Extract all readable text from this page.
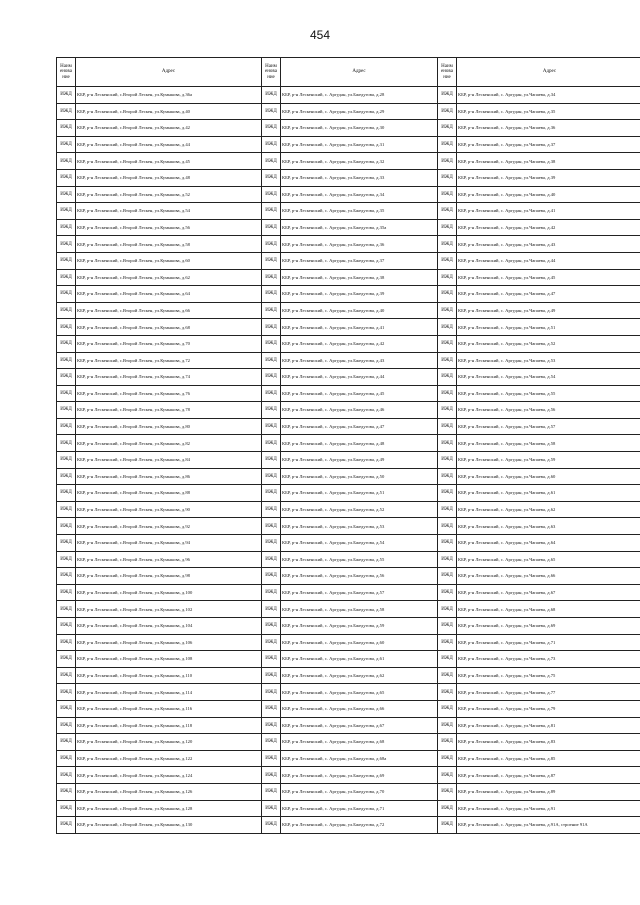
454
Наим енова ние	Адрес	Наим енова ние	Адрес	Наим енова ние	Адрес
ИЖД	КБР, р-н Лескенский, с.Второй Лескен, ул.Кумыкова, д.36а	ИЖД	КБР, р-н Лескенский, с. Аргудан, ул.Бжедугова, д.28	ИЖД	КБР, р-н Лескенский, с. Аргудан, ул.Чапаева, д.34
ИЖД	КБР, р-н Лескенский, с.Второй Лескен, ул.Кумыкова, д.40	ИЖД	КБР, р-н Лескенский, с. Аргудан, ул.Бжедугова, д.29	ИЖД	КБР, р-н Лескенский, с. Аргудан, ул.Чапаева, д.35
ИЖД	КБР, р-н Лескенский, с.Второй Лескен, ул.Кумыкова, д.42	ИЖД	КБР, р-н Лескенский, с. Аргудан, ул.Бжедугова, д.30	ИЖД	КБР, р-н Лескенский, с. Аргудан, ул.Чапаева, д.36
ИЖД	КБР, р-н Лескенский, с.Второй Лескен, ул.Кумыкова, д.44	ИЖД	КБР, р-н Лескенский, с. Аргудан, ул.Бжедугова, д.31	ИЖД	КБР, р-н Лескенский, с. Аргудан, ул.Чапаева, д.37
ИЖД	КБР, р-н Лескенский, с.Второй Лескен, ул.Кумыкова, д.45	ИЖД	КБР, р-н Лескенский, с. Аргудан, ул.Бжедугова, д.32	ИЖД	КБР, р-н Лескенский, с. Аргудан, ул.Чапаева, д.38
ИЖД	КБР, р-н Лескенский, с.Второй Лескен, ул.Кумыкова, д.48	ИЖД	КБР, р-н Лескенский, с. Аргудан, ул.Бжедугова, д.33	ИЖД	КБР, р-н Лескенский, с. Аргудан, ул.Чапаева, д.39
ИЖД	КБР, р-н Лескенский, с.Второй Лескен, ул.Кумыкова, д.52	ИЖД	КБР, р-н Лескенский, с. Аргудан, ул.Бжедугова, д.34	ИЖД	КБР, р-н Лескенский, с. Аргудан, ул.Чапаева, д.40
ИЖД	КБР, р-н Лескенский, с.Второй Лескен, ул.Кумыкова, д.54	ИЖД	КБР, р-н Лескенский, с. Аргудан, ул.Бжедугова, д.35	ИЖД	КБР, р-н Лескенский, с. Аргудан, ул.Чапаева, д.41
ИЖД	КБР, р-н Лескенский, с.Второй Лескен, ул.Кумыкова, д.56	ИЖД	КБР, р-н Лескенский, с. Аргудан, ул.Бжедугова, д.35а	ИЖД	КБР, р-н Лескенский, с. Аргудан, ул.Чапаева, д.42
ИЖД	КБР, р-н Лескенский, с.Второй Лескен, ул.Кумыкова, д.58	ИЖД	КБР, р-н Лескенский, с. Аргудан, ул.Бжедугова, д.36	ИЖД	КБР, р-н Лескенский, с. Аргудан, ул.Чапаева, д.43
ИЖД	КБР, р-н Лескенский, с.Второй Лескен, ул.Кумыкова, д.60	ИЖД	КБР, р-н Лескенский, с. Аргудан, ул.Бжедугова, д.37	ИЖД	КБР, р-н Лескенский, с. Аргудан, ул.Чапаева, д.44
ИЖД	КБР, р-н Лескенский, с.Второй Лескен, ул.Кумыкова, д.62	ИЖД	КБР, р-н Лескенский, с. Аргудан, ул.Бжедугова, д.38	ИЖД	КБР, р-н Лескенский, с. Аргудан, ул.Чапаева, д.45
ИЖД	КБР, р-н Лескенский, с.Второй Лескен, ул.Кумыкова, д.64	ИЖД	КБР, р-н Лескенский, с. Аргудан, ул.Бжедугова, д.39	ИЖД	КБР, р-н Лескенский, с. Аргудан, ул.Чапаева, д.47
ИЖД	КБР, р-н Лескенский, с.Второй Лескен, ул.Кумыкова, д.66	ИЖД	КБР, р-н Лескенский, с. Аргудан, ул.Бжедугова, д.40	ИЖД	КБР, р-н Лескенский, с. Аргудан, ул.Чапаева, д.49
ИЖД	КБР, р-н Лескенский, с.Второй Лескен, ул.Кумыкова, д.68	ИЖД	КБР, р-н Лескенский, с. Аргудан, ул.Бжедугова, д.41	ИЖД	КБР, р-н Лескенский, с. Аргудан, ул.Чапаева, д.51
ИЖД	КБР, р-н Лескенский, с.Второй Лескен, ул.Кумыкова, д.70	ИЖД	КБР, р-н Лескенский, с. Аргудан, ул.Бжедугова, д.42	ИЖД	КБР, р-н Лескенский, с. Аргудан, ул.Чапаева, д.52
ИЖД	КБР, р-н Лескенский, с.Второй Лескен, ул.Кумыкова, д.72	ИЖД	КБР, р-н Лескенский, с. Аргудан, ул.Бжедугова, д.43	ИЖД	КБР, р-н Лескенский, с. Аргудан, ул.Чапаева, д.53
ИЖД	КБР, р-н Лескенский, с.Второй Лескен, ул.Кумыкова, д.74	ИЖД	КБР, р-н Лескенский, с. Аргудан, ул.Бжедугова, д.44	ИЖД	КБР, р-н Лескенский, с. Аргудан, ул.Чапаева, д.54
ИЖД	КБР, р-н Лескенский, с.Второй Лескен, ул.Кумыкова, д.76	ИЖД	КБР, р-н Лескенский, с. Аргудан, ул.Бжедугова, д.45	ИЖД	КБР, р-н Лескенский, с. Аргудан, ул.Чапаева, д.55
ИЖД	КБР, р-н Лескенский, с.Второй Лескен, ул.Кумыкова, д.78	ИЖД	КБР, р-н Лескенский, с. Аргудан, ул.Бжедугова, д.46	ИЖД	КБР, р-н Лескенский, с. Аргудан, ул.Чапаева, д.56
ИЖД	КБР, р-н Лескенский, с.Второй Лескен, ул.Кумыкова, д.80	ИЖД	КБР, р-н Лескенский, с. Аргудан, ул.Бжедугова, д.47	ИЖД	КБР, р-н Лескенский, с. Аргудан, ул.Чапаева, д.57
ИЖД	КБР, р-н Лескенский, с.Второй Лескен, ул.Кумыкова, д.82	ИЖД	КБР, р-н Лескенский, с. Аргудан, ул.Бжедугова, д.48	ИЖД	КБР, р-н Лескенский, с. Аргудан, ул.Чапаева, д.58
ИЖД	КБР, р-н Лескенский, с.Второй Лескен, ул.Кумыкова, д.84	ИЖД	КБР, р-н Лескенский, с. Аргудан, ул.Бжедугова, д.49	ИЖД	КБР, р-н Лескенский, с. Аргудан, ул.Чапаева, д.59
ИЖД	КБР, р-н Лескенский, с.Второй Лескен, ул.Кумыкова, д.86	ИЖД	КБР, р-н Лескенский, с. Аргудан, ул.Бжедугова, д.50	ИЖД	КБР, р-н Лескенский, с. Аргудан, ул.Чапаева, д.60
ИЖД	КБР, р-н Лескенский, с.Второй Лескен, ул.Кумыкова, д.88	ИЖД	КБР, р-н Лескенский, с. Аргудан, ул.Бжедугова, д.51	ИЖД	КБР, р-н Лескенский, с. Аргудан, ул.Чапаева, д.61
ИЖД	КБР, р-н Лескенский, с.Второй Лескен, ул.Кумыкова, д.90	ИЖД	КБР, р-н Лескенский, с. Аргудан, ул.Бжедугова, д.52	ИЖД	КБР, р-н Лескенский, с. Аргудан, ул.Чапаева, д.62
ИЖД	КБР, р-н Лескенский, с.Второй Лескен, ул.Кумыкова, д.92	ИЖД	КБР, р-н Лескенский, с. Аргудан, ул.Бжедугова, д.53	ИЖД	КБР, р-н Лескенский, с. Аргудан, ул.Чапаева, д.63
ИЖД	КБР, р-н Лескенский, с.Второй Лескен, ул.Кумыкова, д.94	ИЖД	КБР, р-н Лескенский, с. Аргудан, ул.Бжедугова, д.54	ИЖД	КБР, р-н Лескенский, с. Аргудан, ул.Чапаева, д.64
ИЖД	КБР, р-н Лескенский, с.Второй Лескен, ул.Кумыкова, д.96	ИЖД	КБР, р-н Лескенский, с. Аргудан, ул.Бжедугова, д.55	ИЖД	КБР, р-н Лескенский, с. Аргудан, ул.Чапаева, д.65
ИЖД	КБР, р-н Лескенский, с.Второй Лескен, ул.Кумыкова, д.98	ИЖД	КБР, р-н Лескенский, с. Аргудан, ул.Бжедугова, д.56	ИЖД	КБР, р-н Лескенский, с. Аргудан, ул.Чапаева, д.66
ИЖД	КБР, р-н Лескенский, с.Второй Лескен, ул.Кумыкова, д.100	ИЖД	КБР, р-н Лескенский, с. Аргудан, ул.Бжедугова, д.57	ИЖД	КБР, р-н Лескенский, с. Аргудан, ул.Чапаева, д.67
ИЖД	КБР, р-н Лескенский, с.Второй Лескен, ул.Кумыкова, д.102	ИЖД	КБР, р-н Лескенский, с. Аргудан, ул.Бжедугова, д.58	ИЖД	КБР, р-н Лескенский, с. Аргудан, ул.Чапаева, д.68
ИЖД	КБР, р-н Лескенский, с.Второй Лескен, ул.Кумыкова, д.104	ИЖД	КБР, р-н Лескенский, с. Аргудан, ул.Бжедугова, д.59	ИЖД	КБР, р-н Лескенский, с. Аргудан, ул.Чапаева, д.69
ИЖД	КБР, р-н Лескенский, с.Второй Лескен, ул.Кумыкова, д.106	ИЖД	КБР, р-н Лескенский, с. Аргудан, ул.Бжедугова, д.60	ИЖД	КБР, р-н Лескенский, с. Аргудан, ул.Чапаева, д.71
ИЖД	КБР, р-н Лескенский, с.Второй Лескен, ул.Кумыкова, д.108	ИЖД	КБР, р-н Лескенский, с. Аргудан, ул.Бжедугова, д.61	ИЖД	КБР, р-н Лескенский, с. Аргудан, ул.Чапаева, д.73
ИЖД	КБР, р-н Лескенский, с.Второй Лескен, ул.Кумыкова, д.110	ИЖД	КБР, р-н Лескенский, с. Аргудан, ул.Бжедугова, д.62	ИЖД	КБР, р-н Лескенский, с. Аргудан, ул.Чапаева, д.75
ИЖД	КБР, р-н Лескенский, с.Второй Лескен, ул.Кумыкова, д.114	ИЖД	КБР, р-н Лескенский, с. Аргудан, ул.Бжедугова, д.65	ИЖД	КБР, р-н Лескенский, с. Аргудан, ул.Чапаева, д.77
ИЖД	КБР, р-н Лескенский, с.Второй Лескен, ул.Кумыкова, д.116	ИЖД	КБР, р-н Лескенский, с. Аргудан, ул.Бжедугова, д.66	ИЖД	КБР, р-н Лескенский, с. Аргудан, ул.Чапаева, д.79
ИЖД	КБР, р-н Лескенский, с.Второй Лескен, ул.Кумыкова, д.118	ИЖД	КБР, р-н Лескенский, с. Аргудан, ул.Бжедугова, д.67	ИЖД	КБР, р-н Лескенский, с. Аргудан, ул.Чапаева, д.81
ИЖД	КБР, р-н Лескенский, с.Второй Лескен, ул.Кумыкова, д.120	ИЖД	КБР, р-н Лескенский, с. Аргудан, ул.Бжедугова, д.68	ИЖД	КБР, р-н Лескенский, с. Аргудан, ул.Чапаева, д.83
ИЖД	КБР, р-н Лескенский, с.Второй Лескен, ул.Кумыкова, д.122	ИЖД	КБР, р-н Лескенский, с. Аргудан, ул.Бжедугова, д.68а	ИЖД	КБР, р-н Лескенский, с. Аргудан, ул.Чапаева, д.85
ИЖД	КБР, р-н Лескенский, с.Второй Лескен, ул.Кумыкова, д.124	ИЖД	КБР, р-н Лескенский, с. Аргудан, ул.Бжедугова, д.69	ИЖД	КБР, р-н Лескенский, с. Аргудан, ул.Чапаева, д.87
ИЖД	КБР, р-н Лескенский, с.Второй Лескен, ул.Кумыкова, д.126	ИЖД	КБР, р-н Лескенский, с. Аргудан, ул.Бжедугова, д.70	ИЖД	КБР, р-н Лескенский, с. Аргудан, ул.Чапаева, д.89
ИЖД	КБР, р-н Лескенский, с.Второй Лескен, ул.Кумыкова, д.128	ИЖД	КБР, р-н Лескенский, с. Аргудан, ул.Бжедугова, д.71	ИЖД	КБР, р-н Лескенский, с. Аргудан, ул.Чапаева, д.91
ИЖД	КБР, р-н Лескенский, с.Второй Лескен, ул.Кумыкова, д.130	ИЖД	КБР, р-н Лескенский, с. Аргудан, ул.Бжедугова, д.72	ИЖД	КБР, р-н Лескенский, с. Аргудан, ул.Чапаева, д.91А, строение 91А
